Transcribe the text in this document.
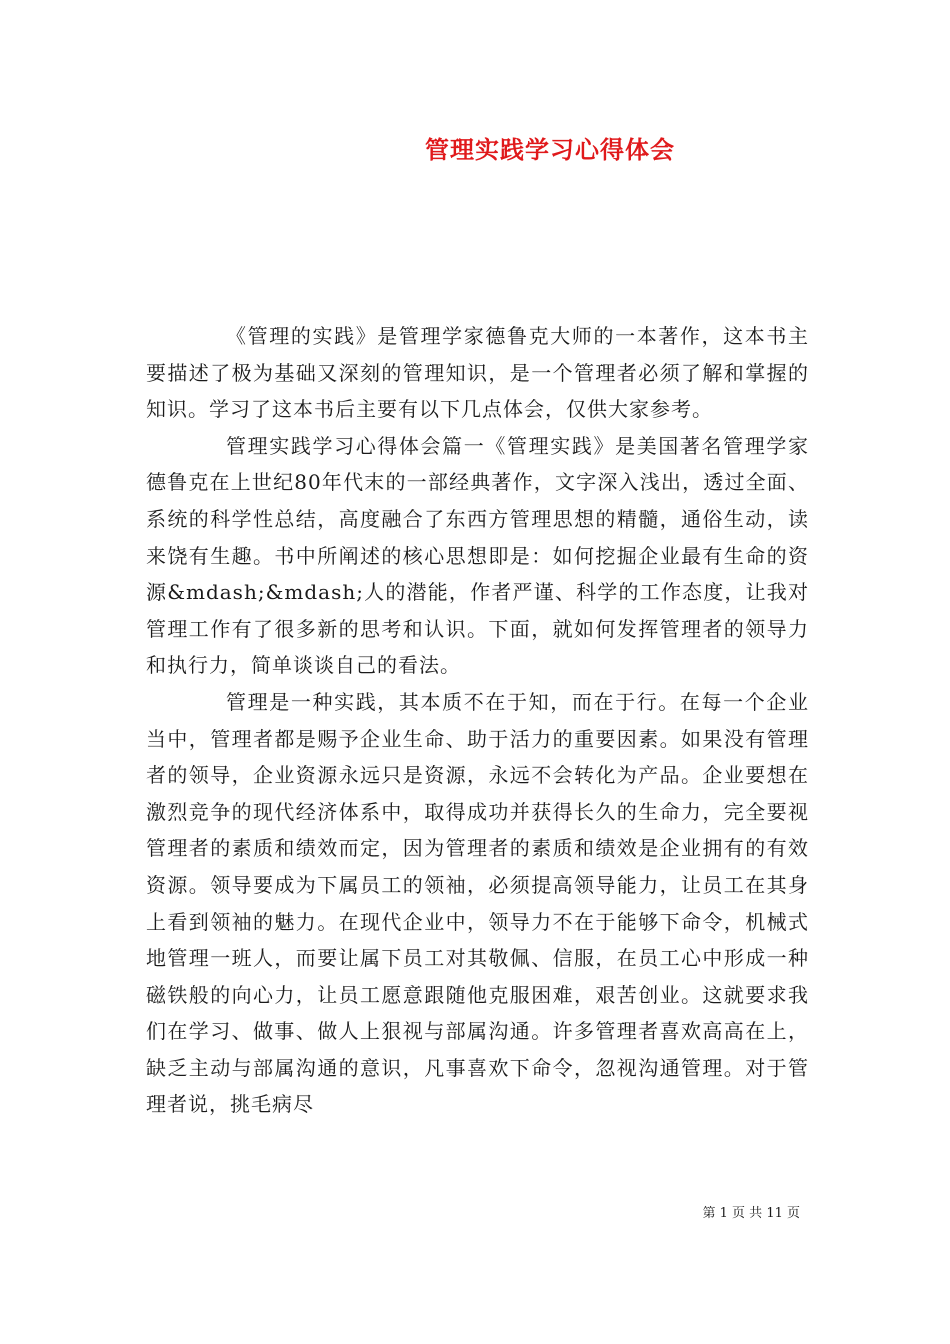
管理实践学习心得体会

《管理的实践》是管理学家德鲁克大师的一本著作，这本书主要描述了极为基础又深刻的管理知识，是一个管理者必须了解和掌握的知识。学习了这本书后主要有以下几点体会，仅供大家参考。

管理实践学习心得体会篇一《管理实践》是美国著名管理学家德鲁克在上世纪80年代末的一部经典著作，文字深入浅出，透过全面、系统的科学性总结，高度融合了东西方管理思想的精髓，通俗生动，读来饶有生趣。书中所阐述的核心思想即是：如何挖掘企业最有生命的资源&mdash;&mdash;人的潜能，作者严谨、科学的工作态度，让我对管理工作有了很多新的思考和认识。下面，就如何发挥管理者的领导力和执行力，简单谈谈自己的看法。

管理是一种实践，其本质不在于知，而在于行。在每一个企业当中，管理者都是赐予企业生命、助于活力的重要因素。如果没有管理者的领导，企业资源永远只是资源，永远不会转化为产品。企业要想在激烈竞争的现代经济体系中，取得成功并获得长久的生命力，完全要视管理者的素质和绩效而定，因为管理者的素质和绩效是企业拥有的有效资源。领导要成为下属员工的领袖，必须提高领导能力，让员工在其身上看到领袖的魅力。在现代企业中，领导力不在于能够下命令，机械式地管理一班人，而要让属下员工对其敬佩、信服，在员工心中形成一种磁铁般的向心力，让员工愿意跟随他克服困难，艰苦创业。这就要求我们在学习、做事、做人上狠视与部属沟通。许多管理者喜欢高高在上，缺乏主动与部属沟通的意识，凡事喜欢下命令，忽视沟通管理。对于管理者说，挑毛病尽

第 1 页 共 11 页
